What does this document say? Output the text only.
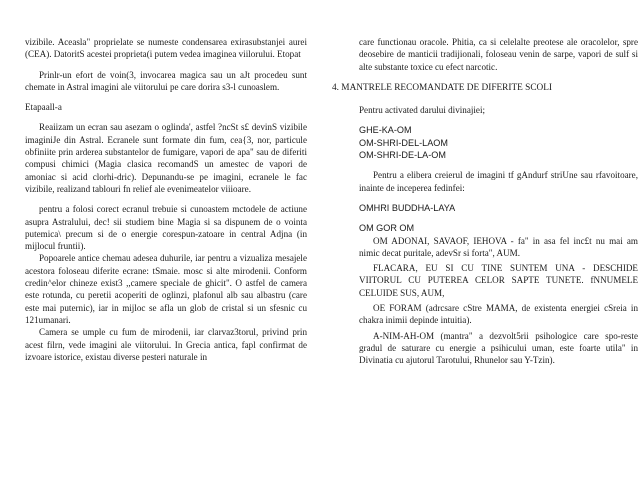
vizibile. Aceasla" proprielate se numeste condensarea exirasubstanjei aurei (CEA). DatoritS acestei proprieta(i putem vedea imaginea viilorului. Etopat

Prinlr-un efort de voin(3, invocarea magica sau un aJt procedeu sunt chemate in Astral imagini ale viitorului pe care dorira s3-l cunoaslem.

Etapaall-a

Reaiizam un ecran sau asezam o oglinda', astfel ?ncSt s£ devinS vizibile imaginiJe din Astral. Ecranele sunt formate din fum, cea{3, nor, particule obfiniite prin arderea substantelor de fumigare, vapori de apa" sau de diferiti compusi chimici (Magia clasica recomandS un amestec de vapori de amoniac si acid clorhi-dric). Depunandu-se pe imagini, ecranele le fac vizibile, realizand tablouri fn relief ale evenimeatelor viiioare.

pentru a folosi corect ecranul trebuie si cunoastem mctodele de actiune asupra Astralului, dec! sii studiem bine Magia si sa dispunem de o vointa putemica\ precum si de o energie corespun-zatoare in central Adjna (in mijlocul fruntii).

Popoarele antice chemau adesea duhurile, iar pentru a vizualiza mesajele acestora foloseau diferite ecrane: tSmaie. mosc si alte mirodenii. Conform credin^elor chineze exist3 ,,camere speciale de ghicit". O astfel de camera este rotunda, cu peretii acoperiti de oglinzi, plafonul alb sau albastru (care este mai puternic), iar in mijloc se afla un glob de cristal si un sfesnic cu 121umanari.

Camera se umple cu fum de mirodenii, iar clarvaz3torul, privind prin acest filrn, vede imagini ale viitorului. In Grecia antica, fapl confirmat de izvoare istorice, existau diverse pesteri naturale in

care functionau oracole. Phitia, ca si celelalte preotese ale oracolelor, spre deosebire de manticii tradijionali, foloseau venin de sarpe, vapori de sulf si alte substante toxice cu efect narcotic.

4. MANTRELE RECOMANDATE DE DIFERITE SCOLI

Pentru activated darului divinajiei;

GHE-KA-OM

OM-SHRI-DEL-LAOM

OM-SHRI-DE-LA-OM

Pentru a elibera creierul de imagini tf gAndurf striUne sau rfavoitoare, inainte de inceperea fedinfei:

OMHRI BUDDHA-LAYA

OM GOR OM

OM ADONAI, SAVAOF, IEHOVA - fa" in asa fel inc£t nu mai am nimic decat puritale, adevSr si forta", AUM.

FLACARA, EU SI CU TINE SUNTEM UNA - DESCHIDE VIITORUL CU PUTEREA CELOR SAPTE TUNETE. fNNUMELE CELUIDE SUS, AUM,

OE FORAM (adrcsare cStre MAMA, de existenta energiei cSreia in chakra inimii depinde intuitia).

A-NIM-AH-OM (mantra" a dezvolt5rii psihologice care spo-reste gradul de saturare cu energie a psihicului uman, este foarte utila" in Divinatia cu ajutorul Tarotului, Rhunelor sau Y-Tzin).
